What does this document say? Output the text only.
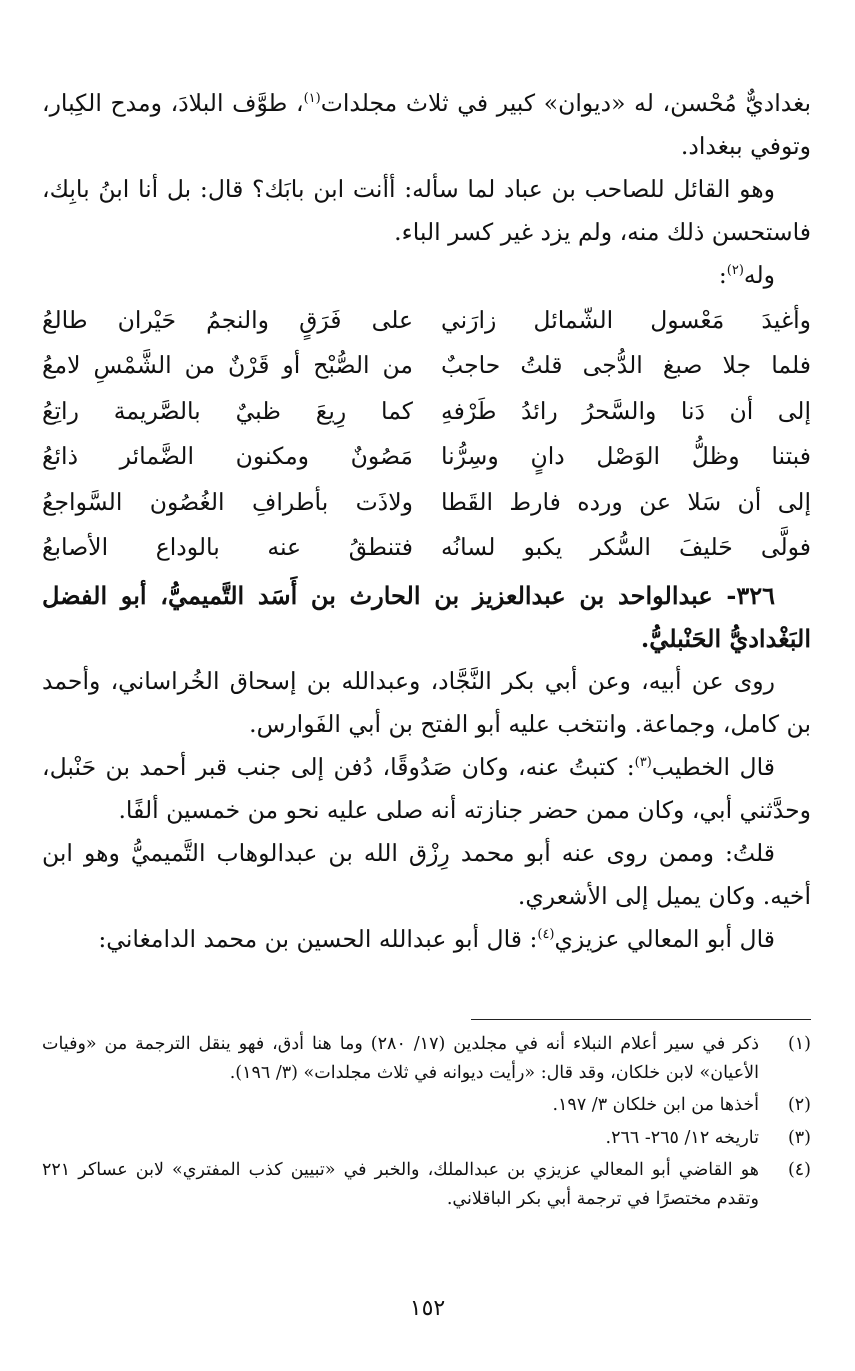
بغداديٌّ مُحْسن، له «ديوان» كبير في ثلاث مجلدات$^{(١)}$، طوَّف البلادَ، ومدح الكِبار، وتوفي ببغداد.

وهو القائل للصاحب بن عباد لما سأله: أأنت ابن بابَك؟ قال: بل أنا ابنُ بابِك، فاستحسن ذلك منه، ولم يزد غير كسر الباء.

وله$^{(٢)}$:

وأغيدَ مَعْسول الشّمائل زارَني
على فَرَقٍ والنجمُ حَيْران طالعُ
فلما جلا صبغ الدُّجى قلتُ حاجبٌ
من الصُّبْح أو قَرْنٌ من الشَّمْسِ لامعُ
إلى أن دَنا والسَّحرُ رائدُ طَرْفهِ
كما رِيعَ ظبيٌ بالصَّريمة راتِعُ
فبتنا وظلُّ الوَصْل دانٍ وسِرُّنا
مَصُونٌ ومكنون الضَّمائر ذائعُ
إلى أن سَلا عن ورده فارط القَطا
ولاذَت بأطرافِ الغُصُون السَّواجعُ
فولَّى حَليفَ السُّكر يكبو لسانُه
فتنطقُ عنه بالوداع الأصابعُ

٣٢٦- عبدالواحد بن عبدالعزيز بن الحارث بن أَسَد التَّميميُّ، أبو الفضل البَغْداديُّ الحَنْبليُّ.

روى عن أبيه، وعن أبي بكر النَّجَّاد، وعبدالله بن إسحاق الخُراساني، وأحمد بن كامل، وجماعة. وانتخب عليه أبو الفتح بن أبي الفَوارس.

قال الخطيب$^{(٣)}$: كتبتُ عنه، وكان صَدُوقًا، دُفن إلى جنب قبر أحمد بن حَنْبل، وحدَّثني أبي، وكان ممن حضر جنازته أنه صلى عليه نحو من خمسين ألفًا.

قلتُ: وممن روى عنه أبو محمد رِزْق الله بن عبدالوهاب التَّميميُّ وهو ابن أخيه. وكان يميل إلى الأشعري.

قال أبو المعالي عزيزي$^{(٤)}$: قال أبو عبدالله الحسين بن محمد الدامغاني:

(١)
ذكر في سير أعلام النبلاء أنه في مجلدين (١٧/ ٢٨٠) وما هنا أدق، فهو ينقل الترجمة من «وفيات الأعيان» لابن خلكان، وقد قال: «رأيت ديوانه في ثلاث مجلدات» (٣/ ١٩٦).
(٢)
أخذها من ابن خلكان ٣/ ١٩٧.
(٣)
تاريخه ١٢/ ٢٦٥- ٢٦٦.
(٤)
هو القاضي أبو المعالي عزيزي بن عبدالملك، والخبر في «تبيين كذب المفتري» لابن عساكر ٢٢١ وتقدم مختصرًا في ترجمة أبي بكر الباقلاني.
١٥٢
